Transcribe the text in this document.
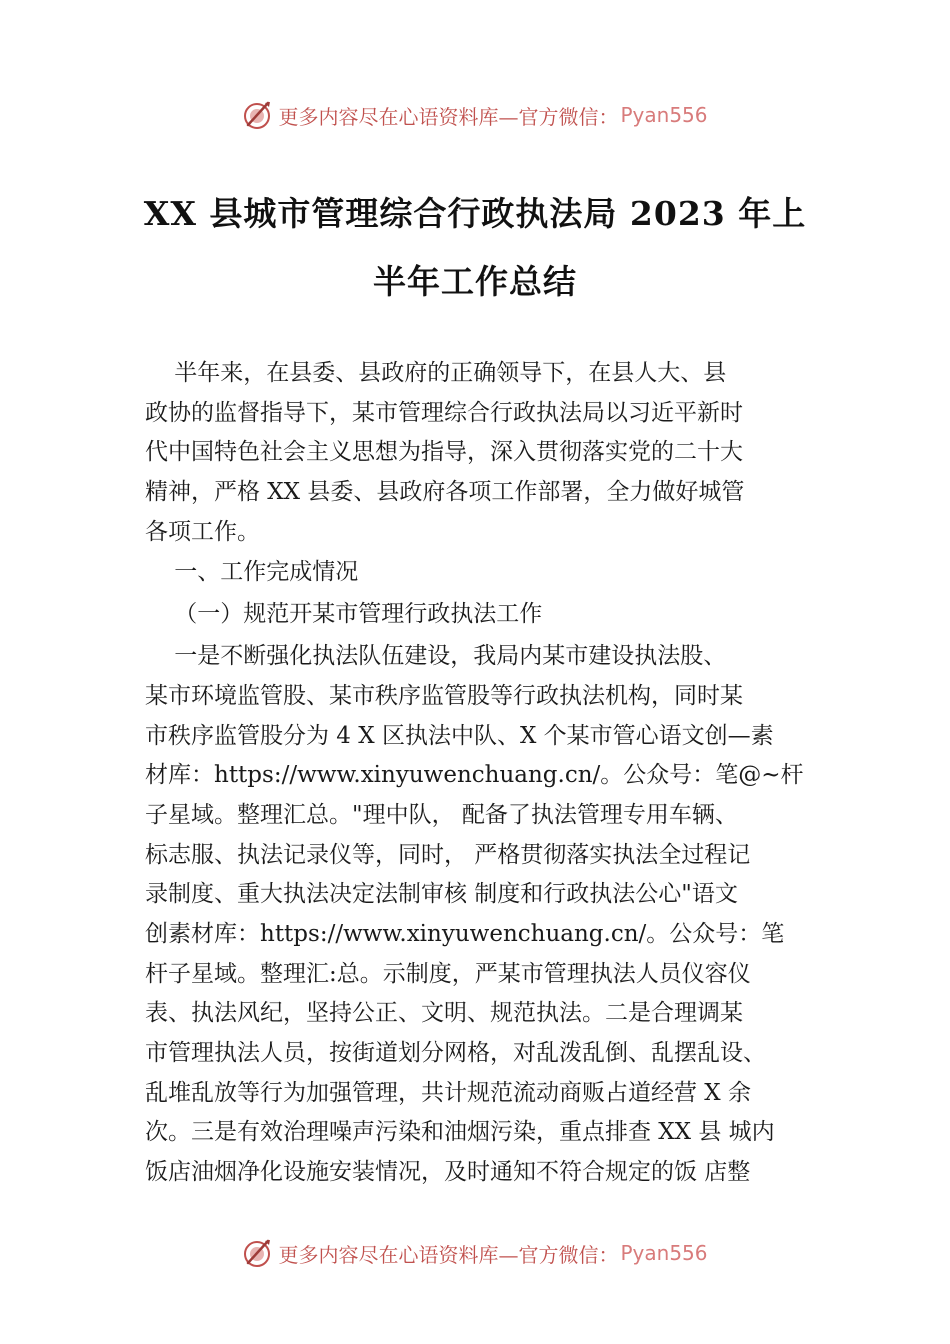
更多内容尽在心语资料库—官方微信： Pyan556
XX 县城市管理综合行政执法局 2023 年上
半年工作总结
半年来，在县委、县政府的正确领导下，在县人大、县
政协的监督指导下，某市管理综合行政执法局以习近平新时
代中国特色社会主义思想为指导，深入贯彻落实党的二十大
精神，严格 XX 县委、县政府各项工作部署，全力做好城管
各项工作。
一、工作完成情况
（一）规范开某市管理行政执法工作
一是不断强化执法队伍建设，我局内某市建设执法股、
某市环境监管股、某市秩序监管股等行政执法机构，同时某
市秩序监管股分为 4 X 区执法中队、X 个某市管心语文创—素
材库：https://www.xinyuwenchuang.cn/。公众号：笔@~杆
子星域。整理汇总。"理中队， 配备了执法管理专用车辆、
标志服、执法记录仪等，同时， 严格贯彻落实执法全过程记
录制度、重大执法决定法制审核 制度和行政执法公心"语文
创素材库：https://www.xinyuwenchuang.cn/。公众号：笔
杆子星域。整理汇:总。示制度，严某市管理执法人员仪容仪
表、执法风纪，坚持公正、文明、规范执法。二是合理调某
市管理执法人员，按街道划分网格，对乱泼乱倒、乱摆乱设、
乱堆乱放等行为加强管理，共计规范流动商贩占道经营 X 余
次。三是有效治理噪声污染和油烟污染，重点排查 XX 县 城内
饭店油烟净化设施安装情况，及时通知不符合规定的饭 店整
更多内容尽在心语资料库—官方微信： Pyan556
